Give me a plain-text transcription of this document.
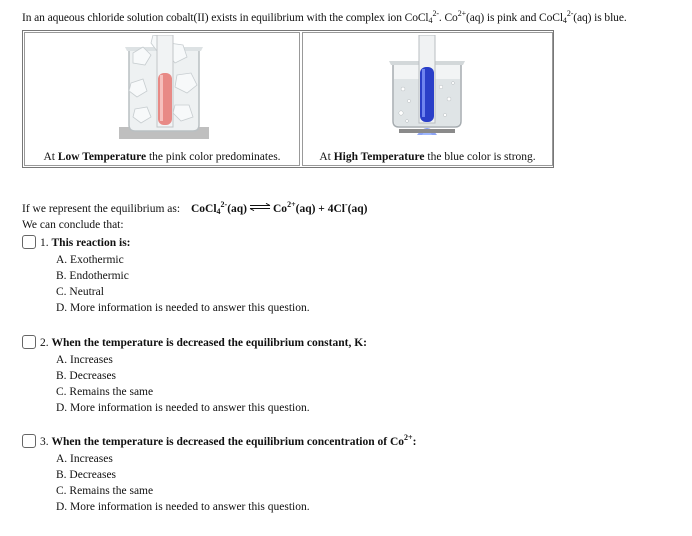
In an aqueous chloride solution cobalt(II) exists in equilibrium with the complex ion CoCl$_4^{2-}$. $Co^{2+}(aq)$ is pink and CoCl$_4^{2-}$(aq) is blue.
At Low Temperature the pink color predominates.	At High Temperature the blue color is strong.
If we represent the equilibrium as: CoCl$_4^{2-}$(aq) ⇌ $Co^{2+}(aq) + 4Cl^-(aq)$
We can conclude that:
1. This reaction is:
A. Exothermic
B. Endothermic
C. Neutral
D. More information is needed to answer this question.
2. When the temperature is decreased the equilibrium constant, K:
A. Increases
B. Decreases
C. Remains the same
D. More information is needed to answer this question.
3. When the temperature is decreased the equilibrium concentration of $Co^{2+}$:
A. Increases
B. Decreases
C. Remains the same
D. More information is needed to answer this question.
